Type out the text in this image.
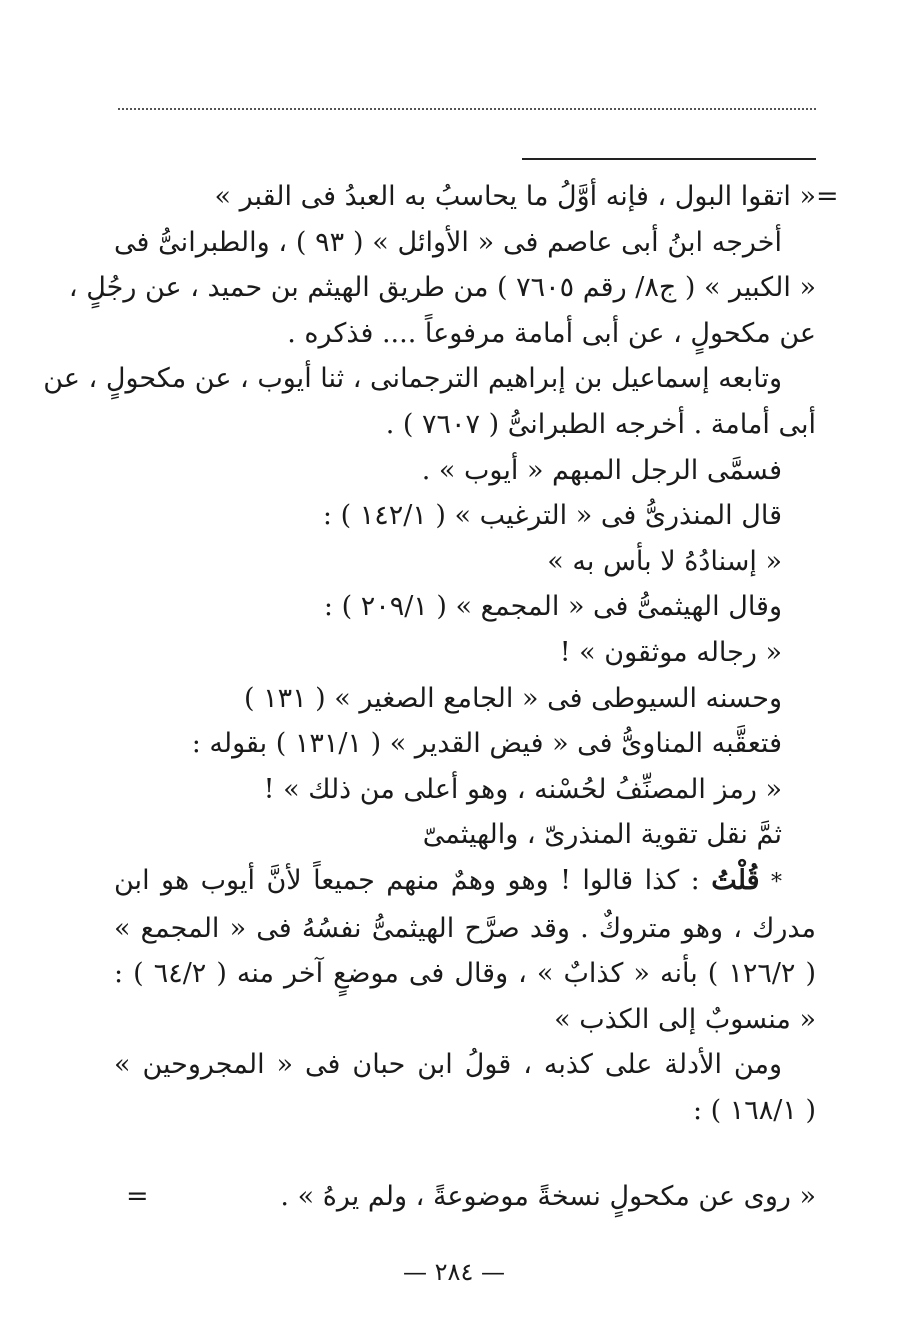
=
« اتقوا البول ، فإنه أوَّلُ ما يحاسبُ به العبدُ فى القبر »
أخرجه ابنُ أبى عاصم فى « الأوائل » ( ٩٣ ) ، والطبرانىُّ فى
« الكبير » ( ج٨/ رقم ٧٦٠٥ ) من طريق الهيثم بن حميد ، عن رجُلٍ ،
عن مكحولٍ ، عن أبى أمامة مرفوعاً .... فذكره .
وتابعه إسماعيل بن إبراهيم الترجمانى ، ثنا أيوب ، عن مكحولٍ ، عن
أبى أمامة . أخرجه الطبرانىُّ ( ٧٦٠٧ ) .
فسمَّى الرجل المبهم « أيوب » .
قال المنذرىُّ فى « الترغيب » ( ١٤٢/١ ) :
« إسنادُهُ لا بأس به »
وقال الهيثمىُّ فى « المجمع » ( ٢٠٩/١ ) :
« رجاله موثقون » !
وحسنه السيوطى فى « الجامع الصغير » ( ١٣١ )
فتعقَّبه المناوىُّ فى « فيض القدير » ( ١٣١/١ ) بقوله :
« رمز المصنِّفُ لحُسْنه ، وهو أعلى من ذلك » !
ثمَّ نقل تقوية المنذرىّ ، والهيثمىّ
* قُلْتُ : كذا قالوا ! وهو وهمٌ منهم جميعاً لأنَّ أيوب هو ابن
مدرك ، وهو متروكٌ . وقد صرَّح الهيثمىُّ نفسُهُ فى « المجمع »
( ١٢٦/٢ ) بأنه « كذابٌ » ، وقال فى موضعٍ آخر منه ( ٦٤/٢ ) :
« منسوبٌ إلى الكذب »
ومن الأدلة على كذبه ، قولُ ابن حبان فى « المجروحين »
( ١٦٨/١ ) :
« روى عن مكحولٍ نسخةً موضوعةً ، ولم يرهُ » .
=
— ٢٨٤ —
